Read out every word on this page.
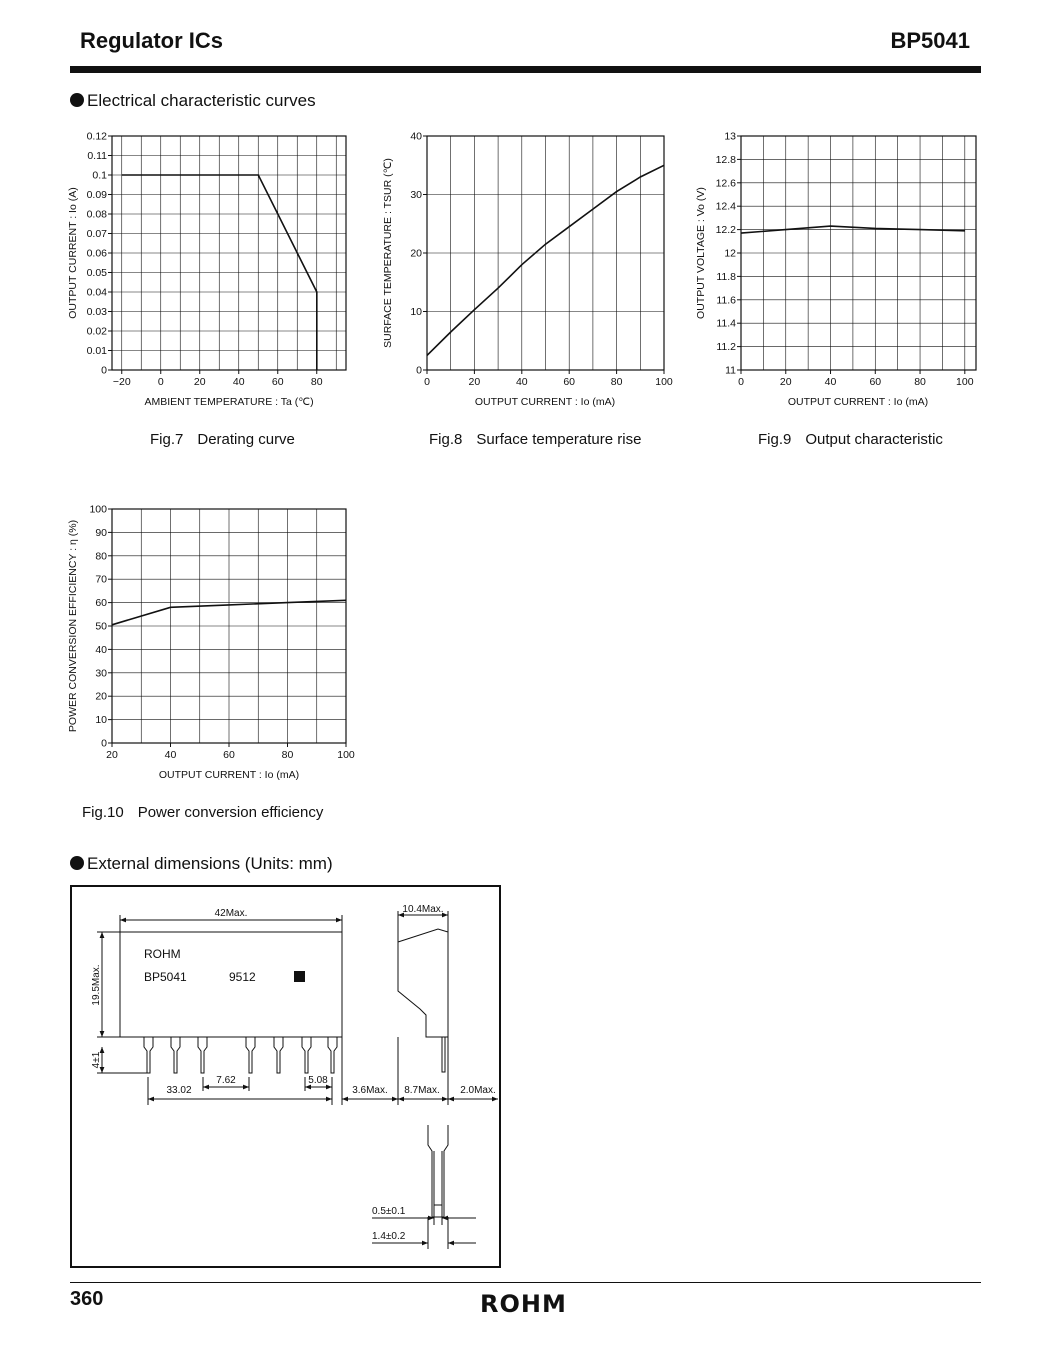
Regulator ICs	BP5041
Electrical characteristic curves
0
0.01
0.02
0.03
0.04
0.05
0.06
0.07
0.08
0.09
0.1
0.11
0.12
−20	0	20	40	60	80
AMBIENT TEMPERATURE : Ta (℃)
OUTPUT CURRENT : Io (A)
0
10
20
30
40
0	20	40	60	80	100
OUTPUT CURRENT : Io (mA)
SURFACE TEMPERATURE : TSUR (℃)
11
11.2
11.4
11.6
11.8
12
12.2
12.4
12.6
12.8
13
0	20	40	60	80	100
OUTPUT CURRENT : Io (mA)
OUTPUT VOLTAGE : Vo (V)
0
10
20
30
40
50
60
70
80
90
100
20	40	60	80	100
OUTPUT CURRENT : Io (mA)
POWER CONVERSION EFFICIENCY : η (%)
Fig.7 Derating curve	Fig.8 Surface temperature rise	Fig.9 Output characteristic
Fig.10 Power conversion efficiency
External dimensions (Units: mm)
42Max.
ROHM
BP5041	9512
19.5Max.
4±1
33.02
7.62	5.08
3.6Max.
10.4Max.
8.7Max. 2.0Max.
0.5±0.1
1.4±0.2
360	ROHM
